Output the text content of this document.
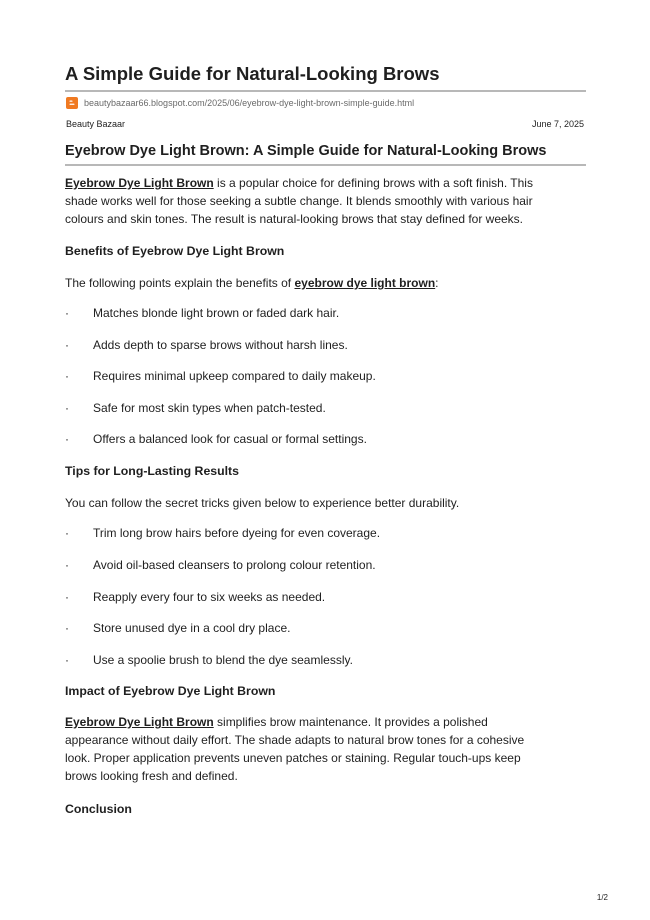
A Simple Guide for Natural-Looking Brows
beautybazaar66.blogspot.com/2025/06/eyebrow-dye-light-brown-simple-guide.html
Beauty Bazaar	June 7, 2025
Eyebrow Dye Light Brown: A Simple Guide for Natural-Looking Brows

Eyebrow Dye Light Brown is a popular choice for defining brows with a soft finish. This
shade works well for those seeking a subtle change. It blends smoothly with various hair
colours and skin tones. The result is natural-looking brows that stay defined for weeks.

Benefits of Eyebrow Dye Light Brown

The following points explain the benefits of eyebrow dye light brown:

· Matches blonde light brown or faded dark hair.
· Adds depth to sparse brows without harsh lines.
· Requires minimal upkeep compared to daily makeup.
· Safe for most skin types when patch-tested.
· Offers a balanced look for casual or formal settings.
Tips for Long-Lasting Results

You can follow the secret tricks given below to experience better durability.

· Trim long brow hairs before dyeing for even coverage.
· Avoid oil-based cleansers to prolong colour retention.
· Reapply every four to six weeks as needed.
· Store unused dye in a cool dry place.
· Use a spoolie brush to blend the dye seamlessly.
Impact of Eyebrow Dye Light Brown

Eyebrow Dye Light Brown simplifies brow maintenance. It provides a polished
appearance without daily effort. The shade adapts to natural brow tones for a cohesive
look. Proper application prevents uneven patches or staining. Regular touch-ups keep
brows looking fresh and defined.

Conclusion
1/2
